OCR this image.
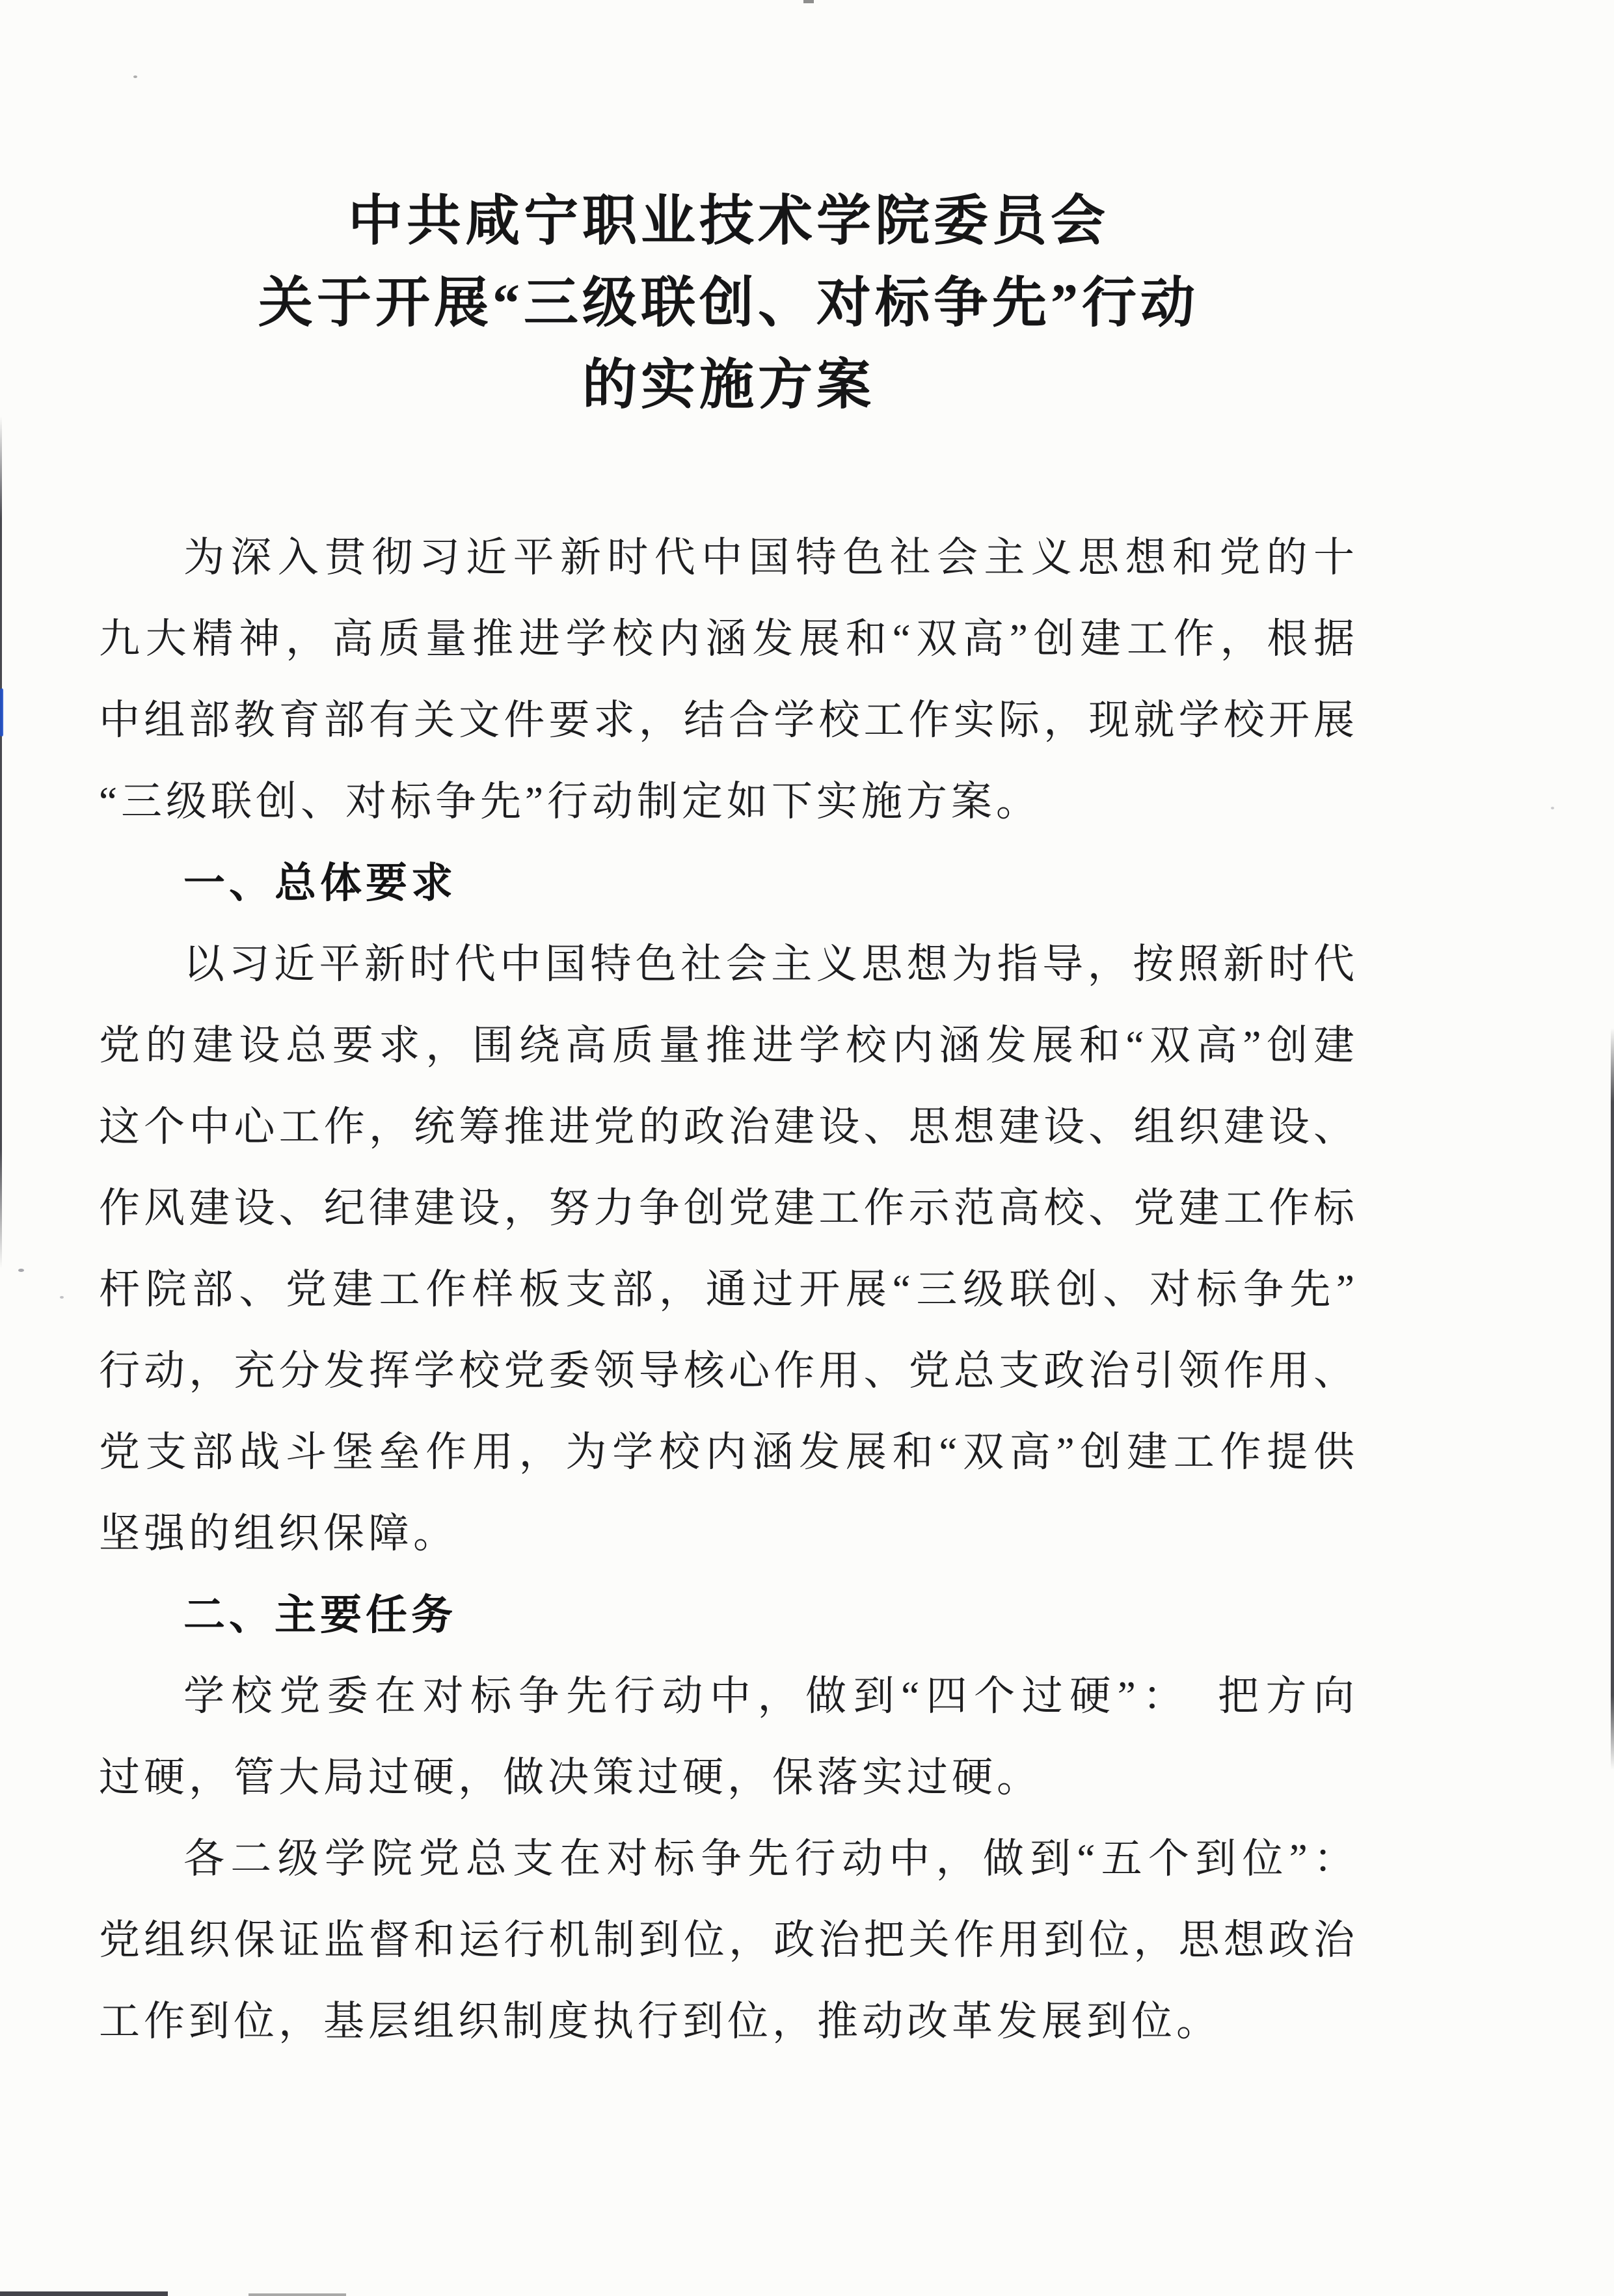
中共咸宁职业技术学院委员会
关于开展“三级联创、对标争先”行动
的实施方案

为深入贯彻习近平新时代中国特色社会主义思想和党的十

九大精神，高质量推进学校内涵发展和“双高”创建工作，根据

中组部教育部有关文件要求，结合学校工作实际，现就学校开展

“三级联创、对标争先”行动制定如下实施方案。

一、总体要求

以习近平新时代中国特色社会主义思想为指导，按照新时代

党的建设总要求，围绕高质量推进学校内涵发展和“双高”创建

这个中心工作，统筹推进党的政治建设、思想建设、组织建设、

作风建设、纪律建设，努力争创党建工作示范高校、党建工作标

杆院部、党建工作样板支部，通过开展“三级联创、对标争先”

行动，充分发挥学校党委领导核心作用、党总支政治引领作用、

党支部战斗堡垒作用，为学校内涵发展和“双高”创建工作提供

坚强的组织保障。

二、主要任务

学校党委在对标争先行动中，做到“四个过硬”：　把方向

过硬，管大局过硬，做决策过硬，保落实过硬。

各二级学院党总支在对标争先行动中，做到“五个到位”：

党组织保证监督和运行机制到位，政治把关作用到位，思想政治

工作到位，基层组织制度执行到位，推动改革发展到位。
